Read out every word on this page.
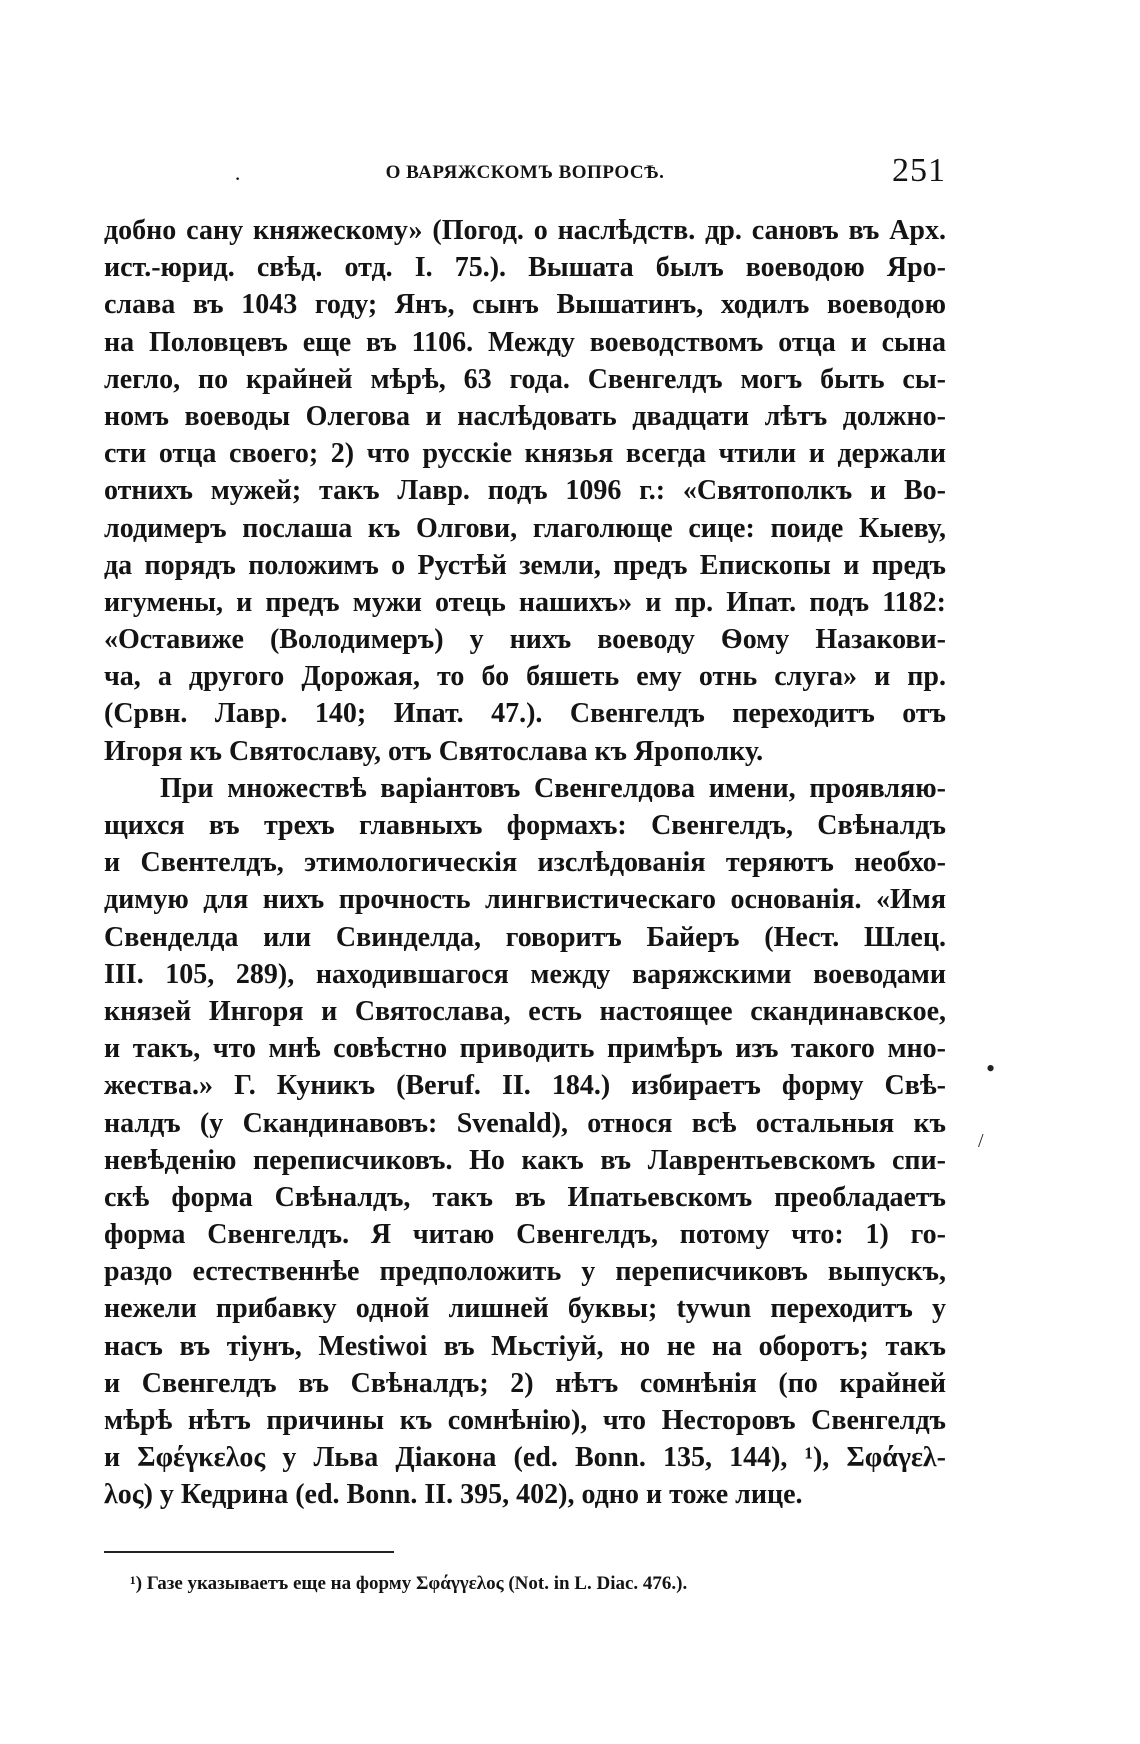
·	О ВАРЯЖСКОМЪ ВОПРОСѢ.	251
добно сану княжескому» (Погод. о наслѣдств. др. сановъ въ Арх.
ист.-юрид. свѣд. отд. I. 75.). Вышата былъ воеводою Яро-
слава въ 1043 году; Янъ, сынъ Вышатинъ, ходилъ воеводою
на Половцевъ еще въ 1106. Между воеводствомъ отца и сына
легло, по крайней мѣрѣ, 63 года. Свенгелдъ могъ быть сы-
номъ воеводы Олегова и наслѣдовать двадцати лѣтъ должно-
сти отца своего; 2) что русскіе князья всегда чтили и держали
отнихъ мужей; такъ Лавр. подъ 1096 г.: «Святополкъ и Во-
лодимеръ послаша къ Олгови, глаголюще сице: поиде Кыеву,
да порядъ положимъ о Рустѣй земли, предъ Епископы и предъ
игумены, и предъ мужи отець нашихъ» и пр. Ипат. подъ 1182:
«Оставиже (Володимеръ) у нихъ воеводу Ѳому Назакови-
ча, а другого Дорожая, то бо бяшеть ему отнь слуга» и пр.
(Срвн. Лавр. 140; Ипат. 47.). Свенгелдъ переходитъ отъ
Игоря къ Святославу, отъ Святослава къ Ярополку.
При множествѣ варіантовъ Свенгелдова имени, проявляю-
щихся въ трехъ главныхъ формахъ: Свенгелдъ, Свѣналдъ
и Свентелдъ, этимологическія изслѣдованія теряютъ необхо-
димую для нихъ прочность лингвистическаго основанія. «Имя
Свенделда или Свинделда, говоритъ Байеръ (Нест. Шлец.
III. 105, 289), находившагося между варяжскими воеводами
князей Ингоря и Святослава, есть настоящее скандинавское,
и такъ, что мнѣ совѣстно приводить примѣръ изъ такого мно-
жества.» Г. Куникъ (Beruf. II. 184.) избираетъ форму Свѣ-
налдъ (у Скандинавовъ: Svenald), относя всѣ остальныя къ
невѣденію переписчиковъ. Но какъ въ Лаврентьевскомъ спи-
скѣ форма Свѣналдъ, такъ въ Ипатьевскомъ преобладаетъ
форма Свенгелдъ. Я читаю Свенгелдъ, потому что: 1) го-
раздо естественнѣе предположить у переписчиковъ выпускъ,
нежели прибавку одной лишней буквы; tywun переходитъ у
насъ въ тіунъ, Mestiwoi въ Мьстіуй, но не на оборотъ; такъ
и Свенгелдъ въ Свѣналдъ; 2) нѣтъ сомнѣнія (по крайней
мѣрѣ нѣтъ причины къ сомнѣнію), что Несторовъ Свенгелдъ
и Σφέγκελος у Льва Діакона (ed. Bonn. 135, 144), ¹), Σφάγελ-
λος) у Кедрина (ed. Bonn. II. 395, 402), одно и тоже лице.
¹) Газе указываетъ еще на форму Σφάγγελος (Not. in L. Diac. 476.).
•
/
